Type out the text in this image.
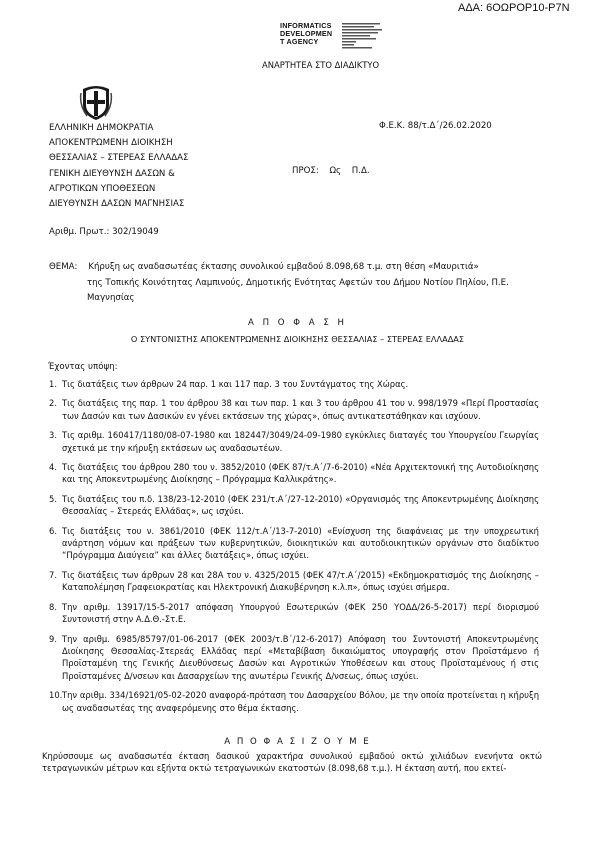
ΑΔΑ: 6ΟΩΡΟΡ10-Ρ7Ν
INFORMATICS
DEVELOPMEN
T AGENCY
ΑΝΑΡΤΗΤΕΑ ΣΤΟ ΔΙΑΔΙΚΤΥΟ
ΕΛΛΗΝΙΚΗ ΔΗΜΟΚΡΑΤΙΑ
ΑΠΟΚΕΝΤΡΩΜΕΝΗ ΔΙΟΙΚΗΣΗ
ΘΕΣΣΑΛΙΑΣ – ΣΤΕΡΕΑΣ ΕΛΛΑΔΑΣ
ΓΕΝΙΚΗ ΔΙΕΥΘΥΝΣΗ ΔΑΣΩΝ &
ΑΓΡΟΤΙΚΩΝ ΥΠΟΘΕΣΕΩΝ
ΔΙΕΥΘΥΝΣΗ ΔΑΣΩΝ ΜΑΓΝΗΣΙΑΣ
Φ.Ε.Κ. 88/τ.Δ΄/26.02.2020
ΠΡΟΣ: Ως Π.Δ.
Αριθμ. Πρωτ.: 302/19049
ΘΕΜΑ: Κήρυξη ως αναδασωτέας έκτασης συνολικού εμβαδού 8.098,68 τ.μ. στη θέση «Μαυριτιά»
της Τοπικής Κοινότητας Λαμπινούς, Δημοτικής Ενότητας Αφετών του Δήμου Νοτίου Πηλίου, Π.Ε.
Μαγνησίας
Α Π Ο Φ Α Σ Η
Ο ΣΥΝΤΟΝΙΣΤΗΣ ΑΠΟΚΕΝΤΡΩΜΕΝΗΣ ΔΙΟΙΚΗΣΗΣ ΘΕΣΣΑΛΙΑΣ – ΣΤΕΡΕΑΣ ΕΛΛΑΔΑΣ
Έχοντας υπόψη:
1. Τις διατάξεις των άρθρων 24 παρ. 1 και 117 παρ. 3 του Συντάγματος της Χώρας.
2. Τις διατάξεις της παρ. 1 του άρθρου 38 και των παρ. 1 και 3 του άρθρου 41 του ν. 998/1979 «Περί Προστασίας των Δασών και των Δασικών εν γένει εκτάσεων της χώρας», όπως αντικατεστάθηκαν και ισχύουν.
3. Τις αριθμ. 160417/1180/08-07-1980 και 182447/3049/24-09-1980 εγκύκλιες διαταγές του Υπουργείου Γεωργίας σχετικά με την κήρυξη εκτάσεων ως αναδασωτέων.
4. Τις διατάξεις του άρθρου 280 του ν. 3852/2010 (ΦΕΚ 87/τ.Α΄/7-6-2010) «Νέα Αρχιτεκτονική της Αυτοδιοίκησης και της Αποκεντρωμένης Διοίκησης – Πρόγραμμα Καλλικράτης».
5. Τις διατάξεις του π.δ. 138/23-12-2010 (ΦΕΚ 231/τ.Α΄/27-12-2010) «Οργανισμός της Αποκεντρωμένης Διοίκησης Θεσσαλίας – Στερεάς Ελλάδας», ως ισχύει.
6. Τις διατάξεις του ν. 3861/2010 (ΦΕΚ 112/τ.Α΄/13-7-2010) «Ενίσχυση της διαφάνειας με την υποχρεωτική ανάρτηση νόμων και πράξεων των κυβερνητικών, διοικητικών και αυτοδιοικητικών οργάνων στο διαδίκτυο “Πρόγραμμα Διαύγεια” και άλλες διατάξεις», όπως ισχύει.
7. Τις διατάξεις των άρθρων 28 και 28Α του ν. 4325/2015 (ΦΕΚ 47/τ.Α΄/2015) «Εκδημοκρατισμός της Διοίκησης – Καταπολέμηση Γραφειοκρατίας και Ηλεκτρονική Διακυβέρνηση κ.λ.π», όπως ισχύει σήμερα.
8. Την αριθμ. 13917/15-5-2017 απόφαση Υπουργού Εσωτερικών (ΦΕΚ 250 ΥΟΔΔ/26-5-2017) περί διορισμού Συντονιστή στην Α.Δ.Θ.-Στ.Ε.
9. Την αριθμ. 6985/85797/01-06-2017 (ΦΕΚ 2003/τ.Β΄/12-6-2017) Απόφαση του Συντονιστή Αποκεντρωμένης Διοίκησης Θεσσαλίας-Στερεάς Ελλάδας περί «Μεταβίβαση δικαιώματος υπογραφής στον Προϊστάμενο ή Προϊσταμένη της Γενικής Διευθύνσεως Δασών και Αγροτικών Υποθέσεων και στους Προϊσταμένους ή στις Προϊσταμένες Δ/νσεων και Δασαρχείων της ανωτέρω Γενικής Δ/νσεως, όπως ισχύει.
10. Την αριθμ. 334/16921/05-02-2020 αναφορά-πρόταση του Δασαρχείου Βόλου, με την οποία προτείνεται η κήρυξη ως αναδασωτέας της αναφερόμενης στο θέμα έκτασης.
Α Π Ο Φ Α Σ Ι Ζ Ο Υ Μ Ε
Κηρύσσουμε ως αναδασωτέα έκταση δασικού χαρακτήρα συνολικού εμβαδού οκτώ χιλιάδων ενενήντα οκτώ τετραγωνικών μέτρων και εξήντα οκτώ τετραγωνικών εκατοστών (8.098,68 τ.μ.). Η έκταση αυτή, που εκτεί-
